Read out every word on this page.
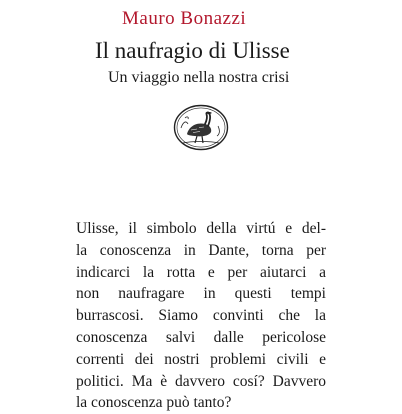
Mauro Bonazzi
Il naufragio di Ulisse
Un viaggio nella nostra crisi
Ulisse, il simbolo della virtú e del-
la conoscenza in Dante, torna per
indicarci la rotta e per aiutarci a
non naufragare in questi tempi
burrascosi. Siamo convinti che la
conoscenza salvi dalle pericolose
correnti dei nostri problemi civili e
politici. Ma è davvero cosí? Davvero
la conoscenza può tanto?
